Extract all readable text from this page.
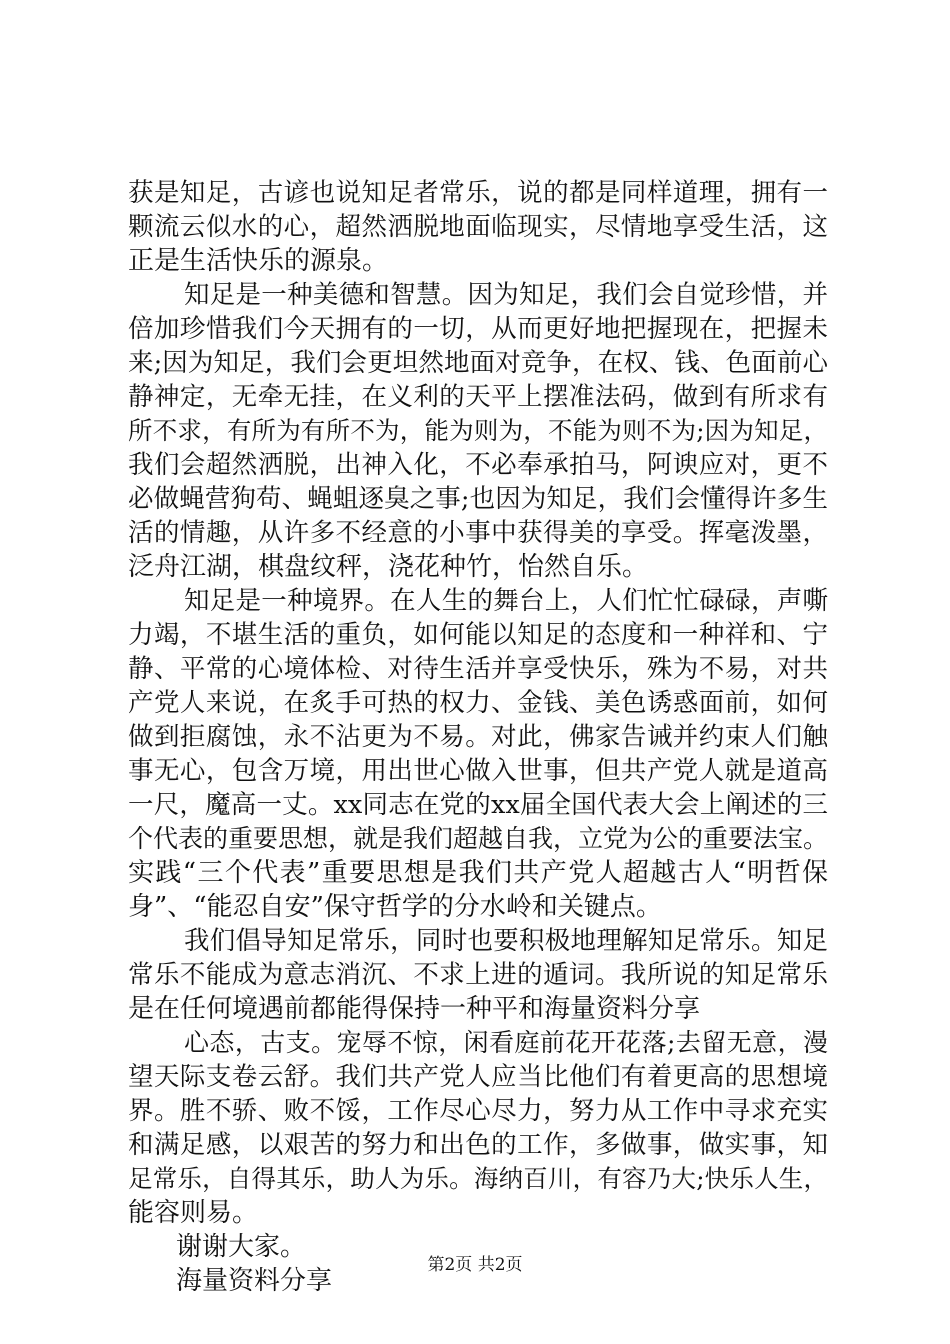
获是知足，古谚也说知足者常乐，说的都是同样道理，拥有一
颗流云似水的心，超然洒脱地面临现实，尽情地享受生活，这
正是生活快乐的源泉。
知足是一种美德和智慧。因为知足，我们会自觉珍惜，并
倍加珍惜我们今天拥有的一切，从而更好地把握现在，把握未
来;因为知足，我们会更坦然地面对竞争，在权、钱、色面前心
静神定，无牵无挂，在义利的天平上摆准法码，做到有所求有
所不求，有所为有所不为，能为则为，不能为则不为;因为知足，
我们会超然洒脱，出神入化，不必奉承拍马，阿谀应对，更不
必做蝇营狗苟、蝇蛆逐臭之事;也因为知足，我们会懂得许多生
活的情趣，从许多不经意的小事中获得美的享受。挥毫泼墨，
泛舟江湖，棋盘纹秤，浇花种竹，怡然自乐。
知足是一种境界。在人生的舞台上，人们忙忙碌碌，声嘶
力竭，不堪生活的重负，如何能以知足的态度和一种祥和、宁
静、平常的心境体检、对待生活并享受快乐，殊为不易，对共
产党人来说，在炙手可热的权力、金钱、美色诱惑面前，如何
做到拒腐蚀，永不沾更为不易。对此，佛家告诫并约束人们触
事无心，包含万境，用出世心做入世事，但共产党人就是道高
一尺，魔高一丈。xx同志在党的xx届全国代表大会上阐述的三
个代表的重要思想，就是我们超越自我，立党为公的重要法宝。
实践“三个代表”重要思想是我们共产党人超越古人“明哲保
身”、“能忍自安”保守哲学的分水岭和关键点。
我们倡导知足常乐，同时也要积极地理解知足常乐。知足
常乐不能成为意志消沉、不求上进的遁词。我所说的知足常乐
是在任何境遇前都能得保持一种平和海量资料分享
心态，古支。宠辱不惊，闲看庭前花开花落;去留无意，漫
望天际支卷云舒。我们共产党人应当比他们有着更高的思想境
界。胜不骄、败不馁，工作尽心尽力，努力从工作中寻求充实
和满足感，以艰苦的努力和出色的工作，多做事，做实事，知
足常乐，自得其乐，助人为乐。海纳百川，有容乃大;快乐人生，
能容则易。
谢谢大家。
海量资料分享
第2页 共2页
